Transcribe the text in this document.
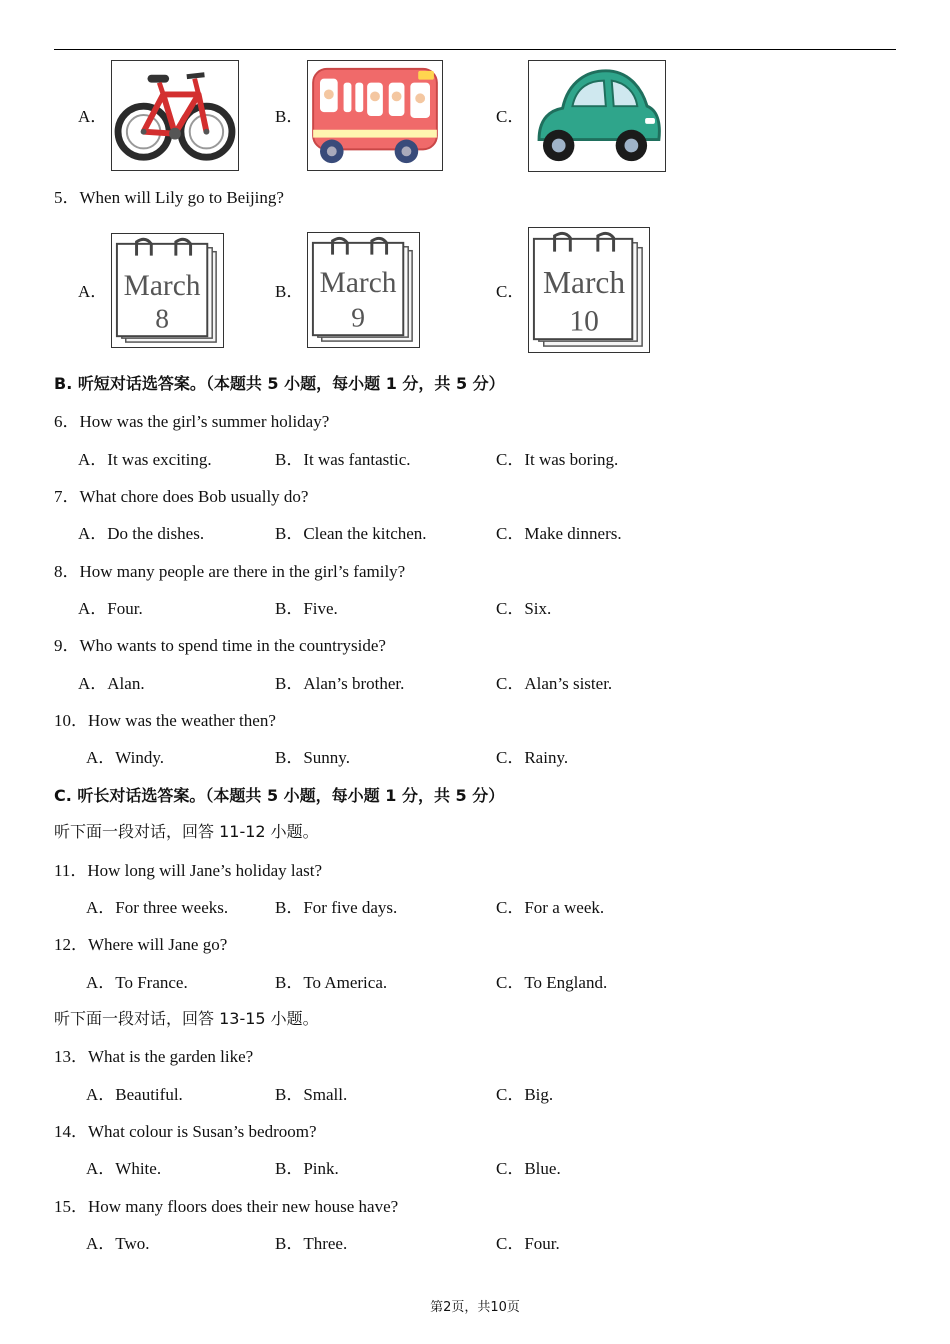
A．	B．	C．
5．When will Lily go to Beijing?
A． March
8
B． March
9
C． March
10
B. 听短对话选答案。（本题共 5 小题，每小题 1 分，共 5 分）
6．How was the girl’s summer holiday?
A．It was exciting.	B．It was fantastic.	C．It was boring.
7．What chore does Bob usually do?
A．Do the dishes.	B．Clean the kitchen.	C．Make dinners.
8．How many people are there in the girl’s family?
A．Four.	B．Five.	C．Six.
9．Who wants to spend time in the countryside?
A．Alan.	B．Alan’s brother.	C．Alan’s sister.
10．How was the weather then?
A．Windy.	B．Sunny.	C．Rainy.
C. 听长对话选答案。（本题共 5 小题，每小题 1 分，共 5 分）
听下面一段对话，回答 11-12 小题。
11．How long will Jane’s holiday last?
A．For three weeks.	B．For five days.	C．For a week.
12．Where will Jane go?
A．To France.	B．To America.	C．To England.
听下面一段对话，回答 13-15 小题。
13．What is the garden like?
A．Beautiful.	B．Small.	C．Big.
14．What colour is Susan’s bedroom?
A．White.	B．Pink.	C．Blue.
15．How many floors does their new house have?
A．Two.	B．Three.	C．Four.
第2页，共10页
